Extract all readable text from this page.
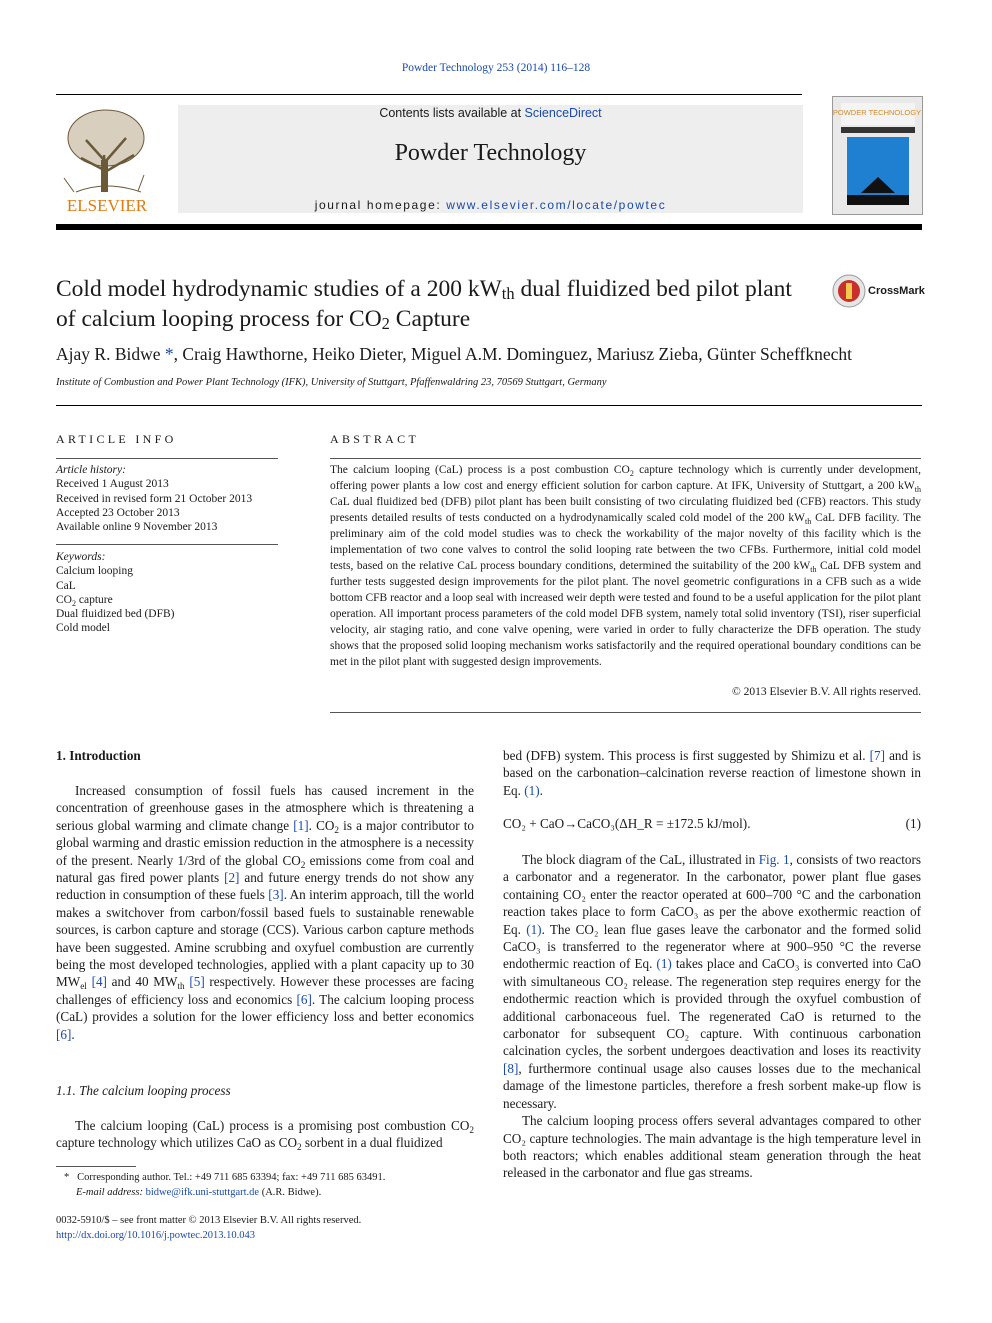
Powder Technology 253 (2014) 116–128
ELSEVIER
Contents lists available at ScienceDirect
Powder Technology
journal homepage: www.elsevier.com/locate/powtec
POWDER TECHNOLOGY
Cold model hydrodynamic studies of a 200 $kW_{th}$ dual fluidized bed pilot plant of calcium looping process for $CO_2$ Capture
CrossMark
Ajay R. Bidwe *, Craig Hawthorne, Heiko Dieter, Miguel A.M. Dominguez, Mariusz Zieba, Günter Scheffknecht
Institute of Combustion and Power Plant Technology (IFK), University of Stuttgart, Pfaffenwaldring 23, 70569 Stuttgart, Germany
ARTICLE INFO
Article history:
Received 1 August 2013
Received in revised form 21 October 2013
Accepted 23 October 2013
Available online 9 November 2013
Keywords:
Calcium looping
CaL
$CO_2$ capture
Dual fluidized bed (DFB)
Cold model
ABSTRACT
The calcium looping (CaL) process is a post combustion $CO_2$ capture technology which is currently under development, offering power plants a low cost and energy efficient solution for carbon capture. At IFK, University of Stuttgart, a 200 $kW_{th}$ CaL dual fluidized bed (DFB) pilot plant has been built consisting of two circulating fluidized bed (CFB) reactors. This study presents detailed results of tests conducted on a hydrodynamically scaled cold model of the 200 $kW_{th}$ CaL DFB facility. The preliminary aim of the cold model studies was to check the workability of the major novelty of this facility which is the implementation of two cone valves to control the solid looping rate between the two CFBs. Furthermore, initial cold model tests, based on the relative CaL process boundary conditions, determined the suitability of the 200 $kW_{th}$ CaL DFB system and further tests suggested design improvements for the pilot plant. The novel geometric configurations in a CFB such as a wide bottom CFB reactor and a loop seal with increased weir depth were tested and found to be a useful application for the pilot plant operation. All important process parameters of the cold model DFB system, namely total solid inventory (TSI), riser superficial velocity, air staging ratio, and cone valve opening, were varied in order to fully characterize the DFB operation. The study shows that the proposed solid looping mechanism works satisfactorily and the required operational boundary conditions can be met in the pilot plant with suggested design improvements.
© 2013 Elsevier B.V. All rights reserved.
1. Introduction

Increased consumption of fossil fuels has caused increment in the concentration of greenhouse gases in the atmosphere which is threatening a serious global warming and climate change [1]. $CO_2$ is a major contributor to global warming and drastic emission reduction in the atmosphere is a necessity of the present. Nearly 1/3rd of the global $CO_2$ emissions come from coal and natural gas fired power plants [2] and future energy trends do not show any reduction in consumption of these fuels [3]. An interim approach, till the world makes a switchover from carbon/fossil based fuels to sustainable renewable sources, is carbon capture and storage (CCS). Various carbon capture methods have been suggested. Amine scrubbing and oxyfuel combustion are currently being the most developed technologies, applied with a plant capacity up to 30 $MW_{el}$ [4] and 40 $MW_{th}$ [5] respectively. However these processes are facing challenges of efficiency loss and economics [6]. The calcium looping process (CaL) provides a solution for the lower efficiency loss and better economics [6].

1.1. The calcium looping process

The calcium looping (CaL) process is a promising post combustion $CO_2$ capture technology which utilizes CaO as $CO_2$ sorbent in a dual fluidized

* Corresponding author. Tel.: +49 711 685 63394; fax: +49 711 685 63491.
E-mail address: bidwe@ifk.uni-stuttgart.de (A.R. Bidwe).
0032-5910/$ – see front matter © 2013 Elsevier B.V. All rights reserved.
http://dx.doi.org/10.1016/j.powtec.2013.10.043

bed (DFB) system. This process is first suggested by Shimizu et al. [7] and is based on the carbonation–calcination reverse reaction of limestone shown in Eq. (1).

CO₂ + CaO→CaCO₃(ΔH_R = ±172.5 kJ/mol).	(1)

The block diagram of the CaL, illustrated in Fig. 1, consists of two reactors a carbonator and a regenerator. In the carbonator, power plant flue gases containing CO₂ enter the reactor operated at 600–700 °C and the carbonation reaction takes place to form CaCO₃ as per the above exothermic reaction of Eq. (1). The CO₂ lean flue gases leave the carbonator and the formed solid CaCO₃ is transferred to the regenerator where at 900–950 °C the reverse endothermic reaction of Eq. (1) takes place and CaCO₃ is converted into CaO with simultaneous CO₂ release. The regeneration step requires energy for the endothermic reaction which is provided through the oxyfuel combustion of additional carbonaceous fuel. The regenerated CaO is returned to the carbonator for subsequent CO₂ capture. With continuous carbonation calcination cycles, the sorbent undergoes deactivation and loses its reactivity [8], furthermore continual usage also causes losses due to the mechanical damage of the limestone particles, therefore a fresh sorbent make-up flow is necessary.

The calcium looping process offers several advantages compared to other CO₂ capture technologies. The main advantage is the high temperature level in both reactors; which enables additional steam generation through the heat released in the carbonator and flue gas streams.
